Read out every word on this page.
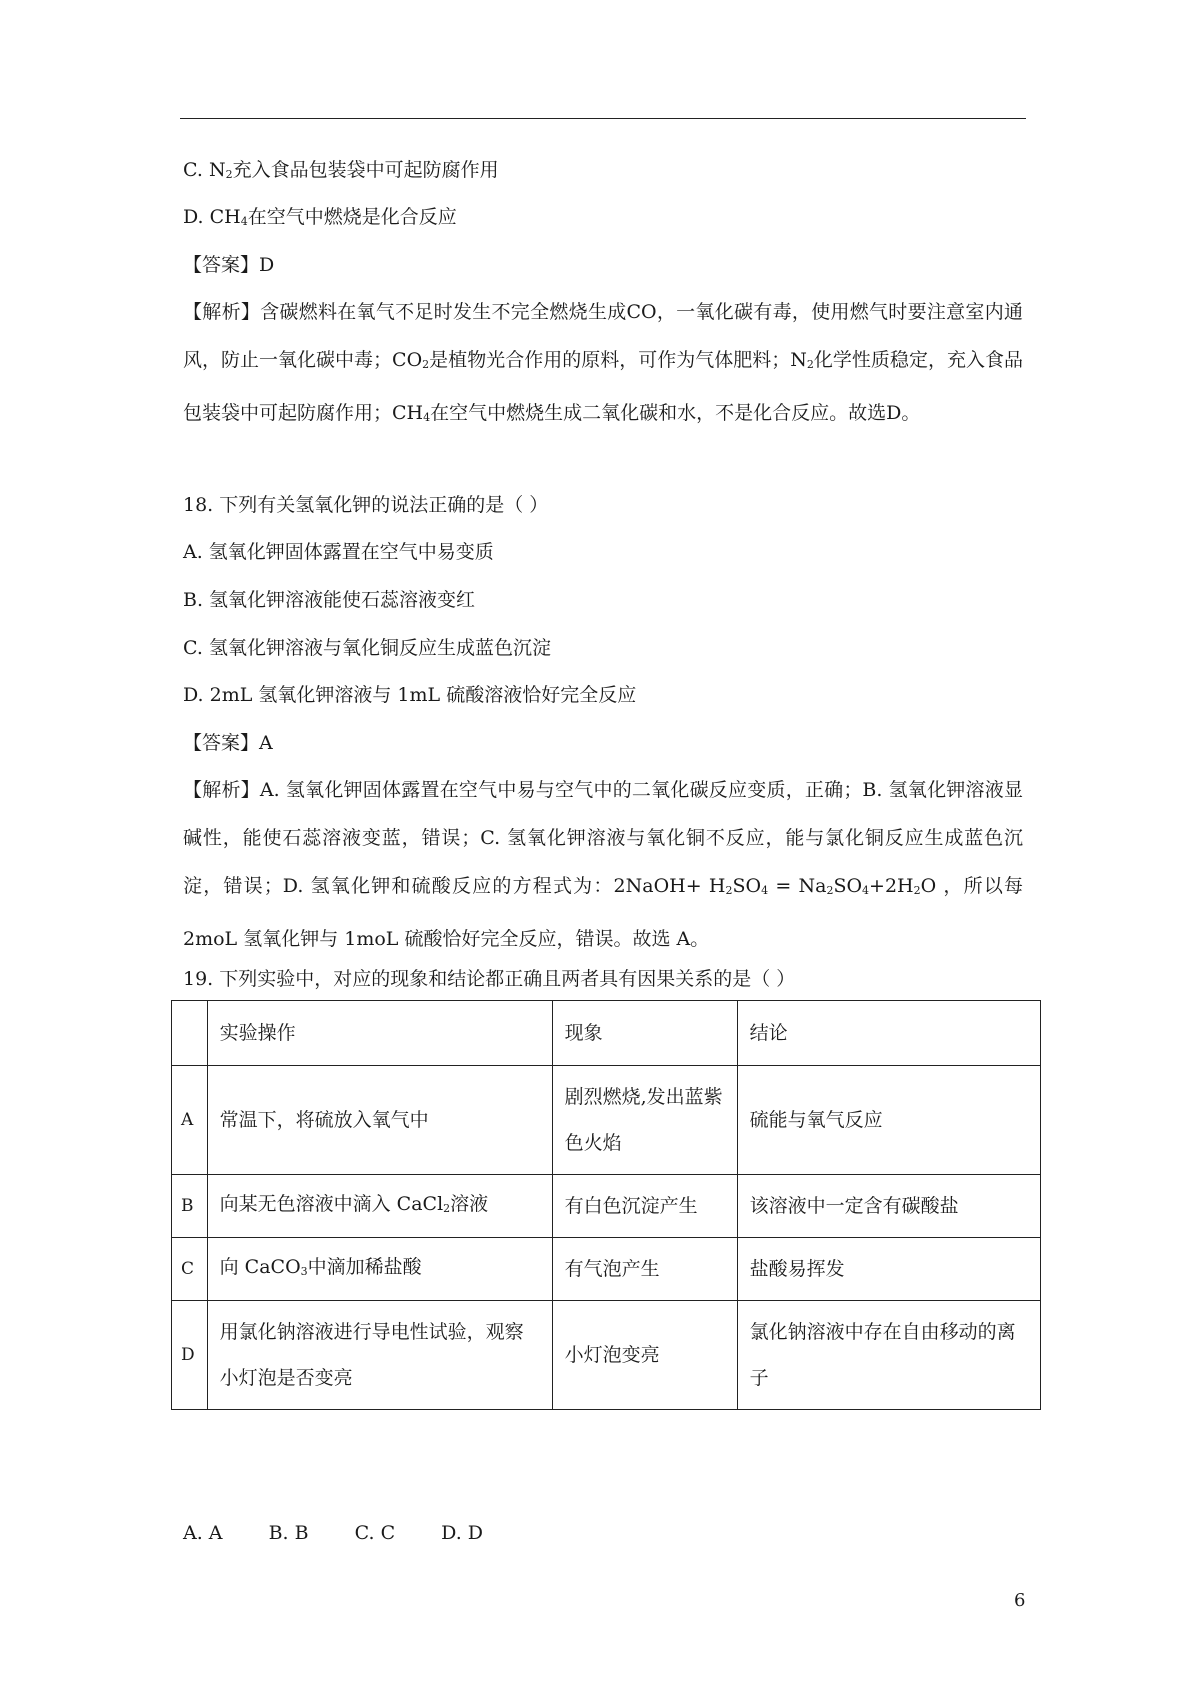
C. $N_2$充入食品包装袋中可起防腐作用
D. $CH_4$在空气中燃烧是化合反应
【答案】D

【解析】含碳燃料在氧气不足时发生不完全燃烧生成CO，一氧化碳有毒，使用燃气时要注意室内通风，防止一氧化碳中毒；$CO_2$是植物光合作用的原料，可作为气体肥料；$N_2$化学性质稳定，充入食品包装袋中可起防腐作用；$CH_4$在空气中燃烧生成二氧化碳和水，不是化合反应。故选D。

18. 下列有关氢氧化钾的说法正确的是（ ）
A. 氢氧化钾固体露置在空气中易变质
B. 氢氧化钾溶液能使石蕊溶液变红
C. 氢氧化钾溶液与氧化铜反应生成蓝色沉淀
D. 2mL 氢氧化钾溶液与 1mL 硫酸溶液恰好完全反应
【答案】A

【解析】A. 氢氧化钾固体露置在空气中易与空气中的二氧化碳反应变质，正确；B. 氢氧化钾溶液显碱性，能使石蕊溶液变蓝，错误；C. 氢氧化钾溶液与氧化铜不反应，能与氯化铜反应生成蓝色沉淀，错误；D. 氢氧化钾和硫酸反应的方程式为：2NaOH+ $H_2SO_4 = Na_2SO_4+2H_2O$ ，所以每 2moL 氢氧化钾与 1moL 硫酸恰好完全反应，错误。故选 A。

19. 下列实验中，对应的现象和结论都正确且两者具有因果关系的是（ ）
	实验操作	现象	结论
A	常温下，将硫放入氧气中	剧烈燃烧,发出蓝紫色火焰	硫能与氧气反应
B	向某无色溶液中滴入 CaCl$_2$溶液	有白色沉淀产生	该溶液中一定含有碳酸盐
C	向 CaCO$_3$中滴加稀盐酸	有气泡产生	盐酸易挥发
D	用氯化钠溶液进行导电性试验，观察小灯泡是否变亮	小灯泡变亮	氯化钠溶液中存在自由移动的离子
A. A B. B C. C D. D
6
